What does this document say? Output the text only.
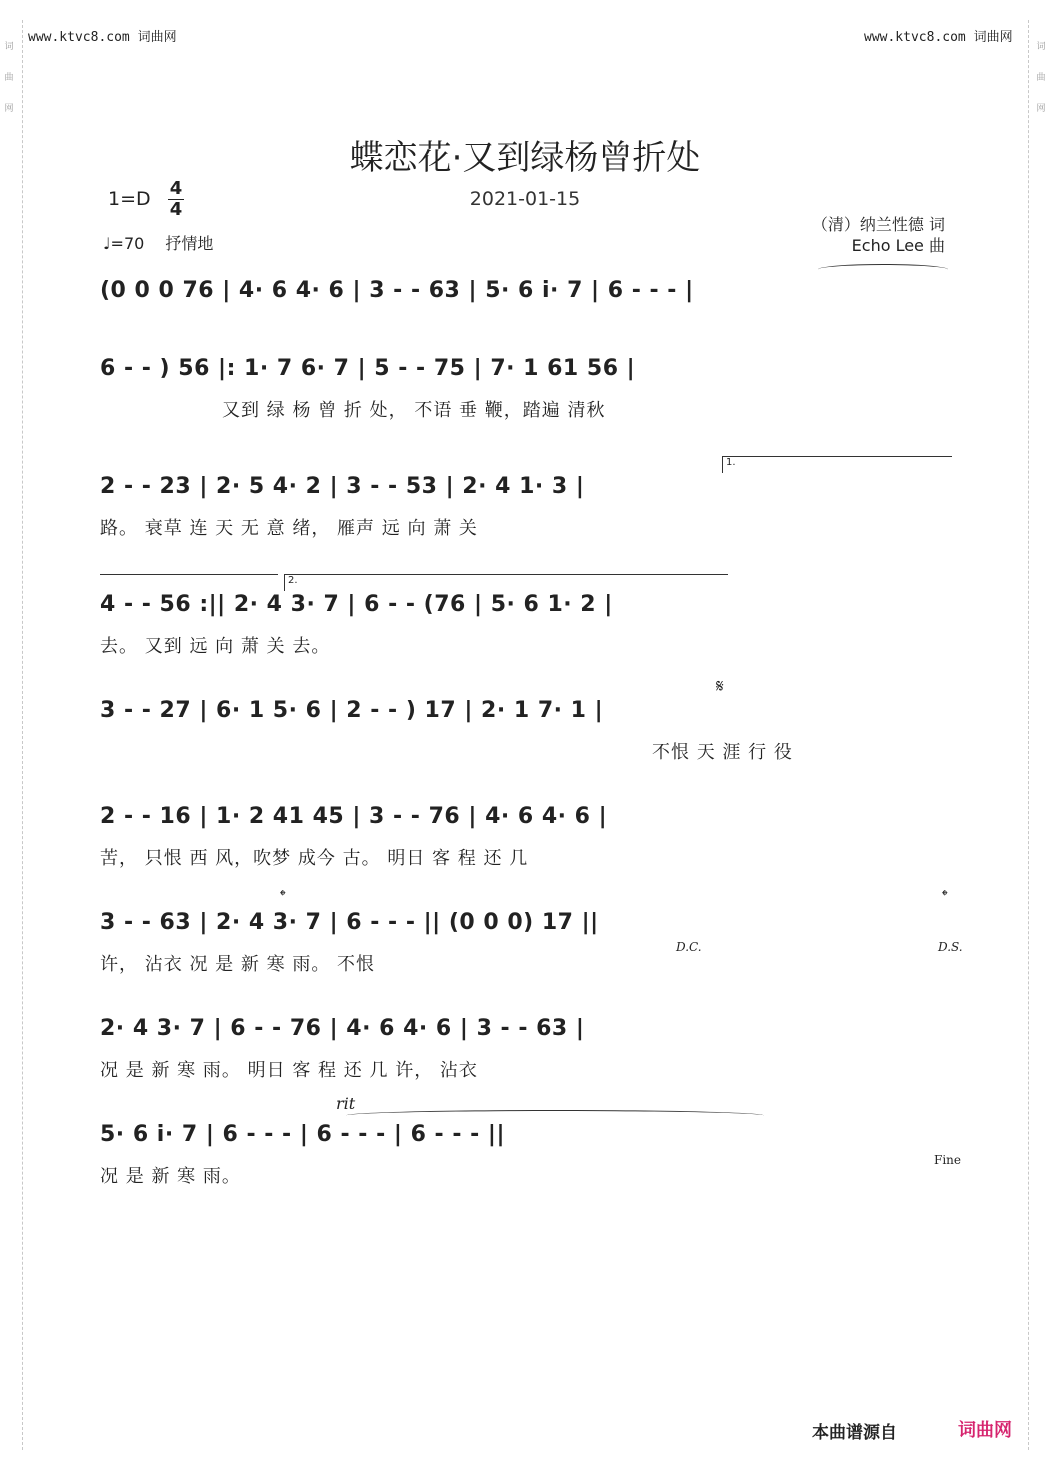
www.ktvc8.com 词曲网	www.ktvc8.com 词曲网
词
曲
网
词
曲
网
蝶恋花·又到绿杨曾折处
2021-01-15
1=D 4
4
♩=70 抒情地
（清）纳兰性德 词
Echo Lee 曲
1.
2.
𝄋
𝄌	𝄌
D.C.	D.S.
rit
Fine
(0 0 0 76 | 4· 6 4· 6 | 3 - - 63 | 5· 6 i· 7 | 6 - - - |
6 - - ) 56 |: 1· 7 6· 7 | 5 - - 75 | 7· 1 61 56 |
又到 绿 杨 曾 折 处， 不语 垂 鞭，踏遍 清秋
2 - - 23 | 2· 5 4· 2 | 3 - - 53 | 2· 4 1· 3 |
路。 衰草 连 天 无 意 绪， 雁声 远 向 萧 关
4 - - 56 :|| 2· 4 3· 7 | 6 - - (76 | 5· 6 1· 2 |
去。 又到 远 向 萧 关 去。
3 - - 27 | 6· 1 5· 6 | 2 - - ) 17 | 2· 1 7· 1 |
不恨 天 涯 行 役
2 - - 16 | 1· 2 41 45 | 3 - - 76 | 4· 6 4· 6 |
苦， 只恨 西 风，吹梦 成今 古。 明日 客 程 还 几
3 - - 63 | 2· 4 3· 7 | 6 - - - || (0 0 0) 17 ||
许， 沾衣 况 是 新 寒 雨。 不恨
2· 4 3· 7 | 6 - - 76 | 4· 6 4· 6 | 3 - - 63 |
况 是 新 寒 雨。 明日 客 程 还 几 许， 沾衣
5· 6 i· 7 | 6 - - - | 6 - - - | 6 - - - ||
况 是 新 寒 雨。
本曲谱源自	词曲网
